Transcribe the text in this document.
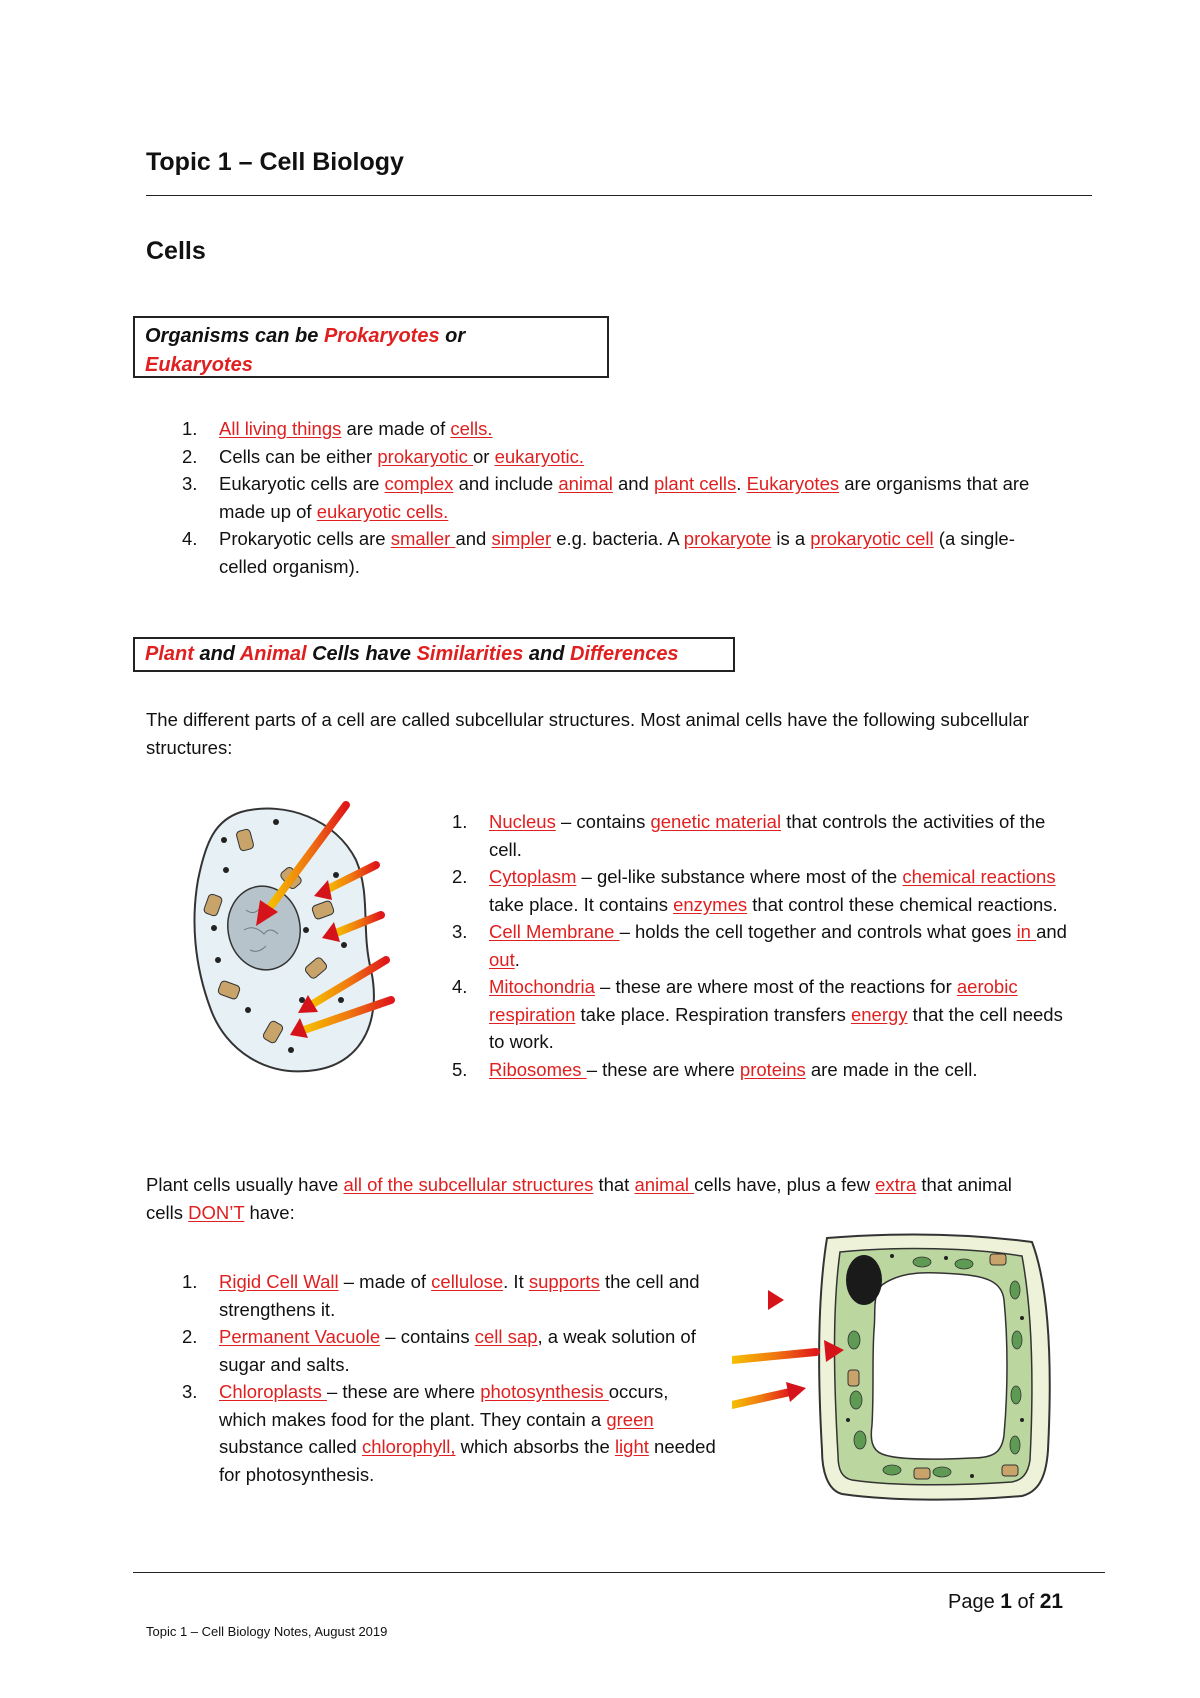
Topic 1 – Cell Biology
Cells
Organisms can be Prokaryotes or
Eukaryotes
1. All living things are made of cells.
2. Cells can be either prokaryotic or eukaryotic.
3. Eukaryotic cells are complex and include animal and plant cells. Eukaryotes are organisms that are made up of eukaryotic cells.
4. Prokaryotic cells are smaller and simpler e.g. bacteria. A prokaryote is a prokaryotic cell (a single-celled organism).
Plant and Animal Cells have Similarities and Differences
The different parts of a cell are called subcellular structures. Most animal cells have the following subcellular structures:
1. Nucleus – contains genetic material that controls the activities of the cell.
2. Cytoplasm – gel-like substance where most of the chemical reactions take place. It contains enzymes that control these chemical reactions.
3. Cell Membrane – holds the cell together and controls what goes in and out.
4. Mitochondria – these are where most of the reactions for aerobic respiration take place. Respiration transfers energy that the cell needs to work.
5. Ribosomes – these are where proteins are made in the cell.
Plant cells usually have all of the subcellular structures that animal cells have, plus a few extra that animal cells DON’T have:
1. Rigid Cell Wall – made of cellulose. It supports the cell and strengthens it.
2. Permanent Vacuole – contains cell sap, a weak solution of sugar and salts.
3. Chloroplasts – these are where photosynthesis occurs, which makes food for the plant. They contain a green substance called chlorophyll, which absorbs the light needed for photosynthesis.
Page 1 of 21
Topic 1 – Cell Biology Notes, August 2019
